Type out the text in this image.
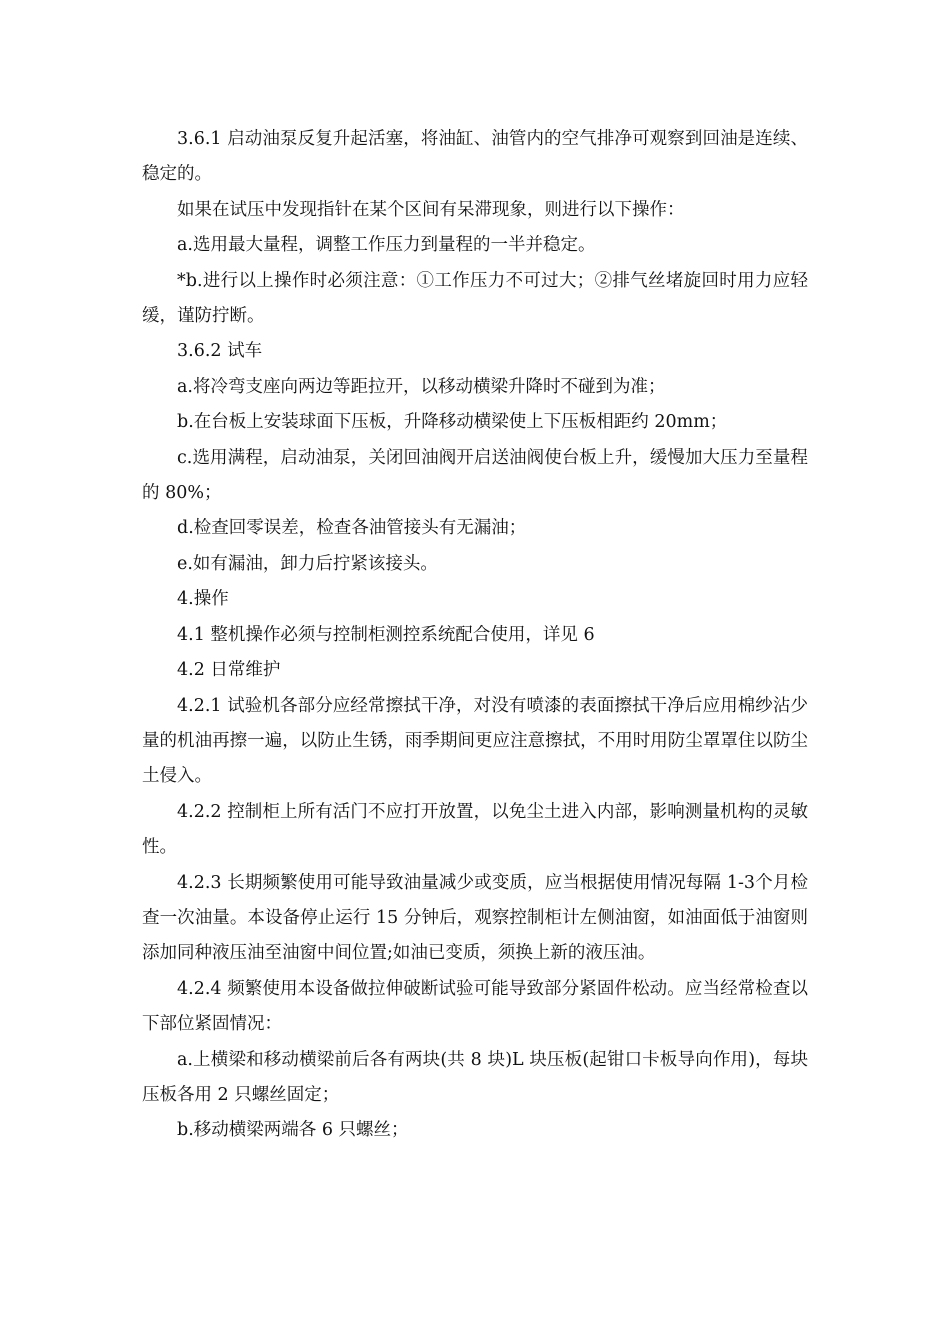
3.6.1 启动油泵反复升起活塞，将油缸、油管内的空气排净可观察到回油是连续、稳定的。

如果在试压中发现指针在某个区间有呆滞现象，则进行以下操作：

a.选用最大量程，调整工作压力到量程的一半并稳定。

*b.进行以上操作时必须注意：①工作压力不可过大；②排气丝堵旋回时用力应轻缓，谨防拧断。

3.6.2 试车

a.将冷弯支座向两边等距拉开，以移动横梁升降时不碰到为准；

b.在台板上安装球面下压板，升降移动横梁使上下压板相距约 20mm；

c.选用满程，启动油泵，关闭回油阀开启送油阀使台板上升，缓慢加大压力至量程的 80%；

d.检查回零误差，检查各油管接头有无漏油；

e.如有漏油，卸力后拧紧该接头。

4.操作

4.1 整机操作必须与控制柜测控系统配合使用，详见 6

4.2 日常维护

4.2.1 试验机各部分应经常擦拭干净，对没有喷漆的表面擦拭干净后应用棉纱沾少量的机油再擦一遍，以防止生锈，雨季期间更应注意擦拭，不用时用防尘罩罩住以防尘土侵入。

4.2.2 控制柜上所有活门不应打开放置，以免尘土进入内部，影响测量机构的灵敏性。

4.2.3 长期频繁使用可能导致油量减少或变质，应当根据使用情况每隔 1-3个月检查一次油量。本设备停止运行 15 分钟后，观察控制柜计左侧油窗，如油面低于油窗则添加同种液压油至油窗中间位置;如油已变质，须换上新的液压油。

4.2.4 频繁使用本设备做拉伸破断试验可能导致部分紧固件松动。应当经常检查以下部位紧固情况：

a.上横梁和移动横梁前后各有两块(共 8 块)L 块压板(起钳口卡板导向作用)，每块压板各用 2 只螺丝固定；

b.移动横梁两端各 6 只螺丝；
